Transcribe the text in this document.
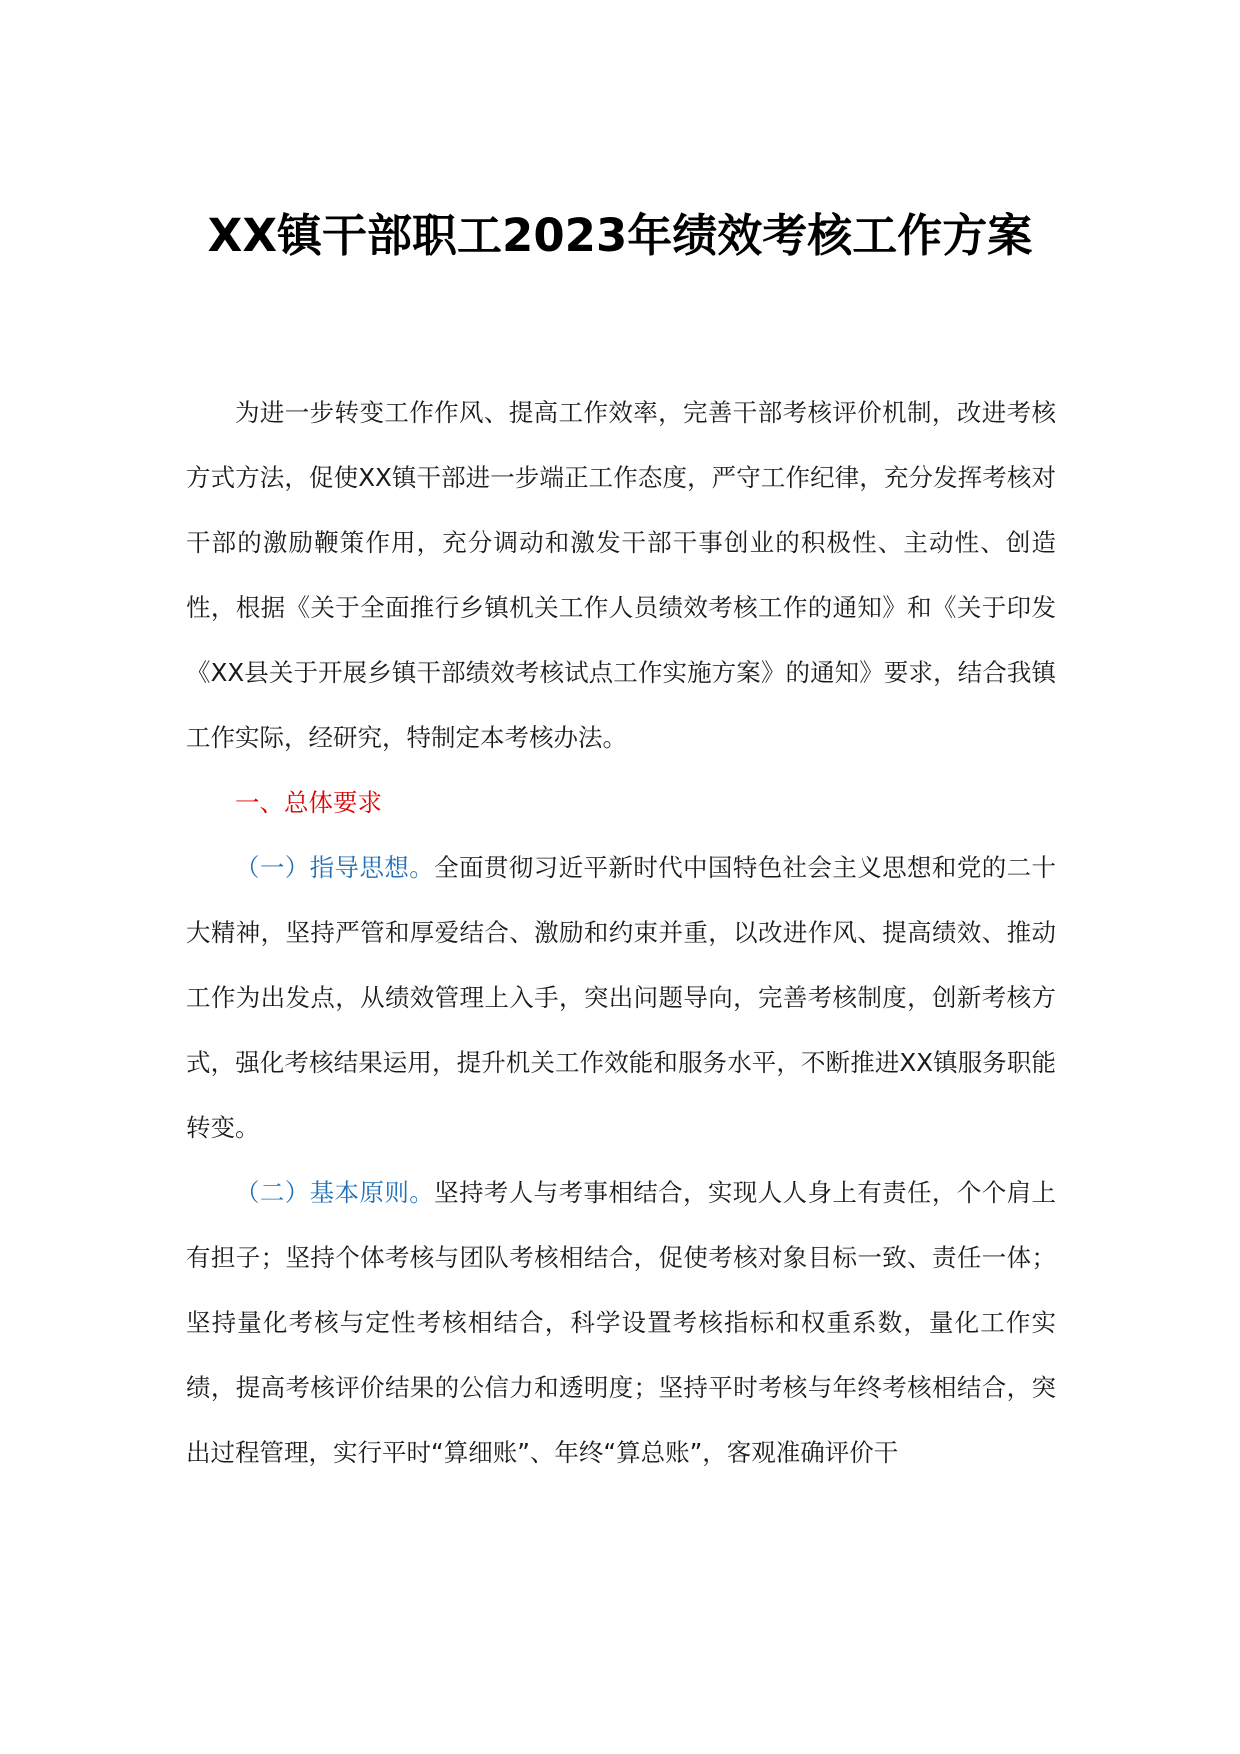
XX镇干部职工2023年绩效考核工作方案

为进一步转变工作作风、提高工作效率，完善干部考核评价机制，改进考核方式方法，促使XX镇干部进一步端正工作态度，严守工作纪律，充分发挥考核对干部的激励鞭策作用，充分调动和激发干部干事创业的积极性、主动性、创造性，根据《关于全面推行乡镇机关工作人员绩效考核工作的通知》和《关于印发《XX县关于开展乡镇干部绩效考核试点工作实施方案》的通知》要求，结合我镇工作实际，经研究，特制定本考核办法。

一、总体要求

（一）指导思想。全面贯彻习近平新时代中国特色社会主义思想和党的二十大精神，坚持严管和厚爱结合、激励和约束并重，以改进作风、提高绩效、推动工作为出发点，从绩效管理上入手，突出问题导向，完善考核制度，创新考核方式，强化考核结果运用，提升机关工作效能和服务水平，不断推进XX镇服务职能转变。

（二）基本原则。坚持考人与考事相结合，实现人人身上有责任，个个肩上有担子；坚持个体考核与团队考核相结合，促使考核对象目标一致、责任一体；坚持量化考核与定性考核相结合，科学设置考核指标和权重系数，量化工作实绩，提高考核评价结果的公信力和透明度；坚持平时考核与年终考核相结合，突出过程管理，实行平时“算细账”、年终“算总账”，客观准确评价干
